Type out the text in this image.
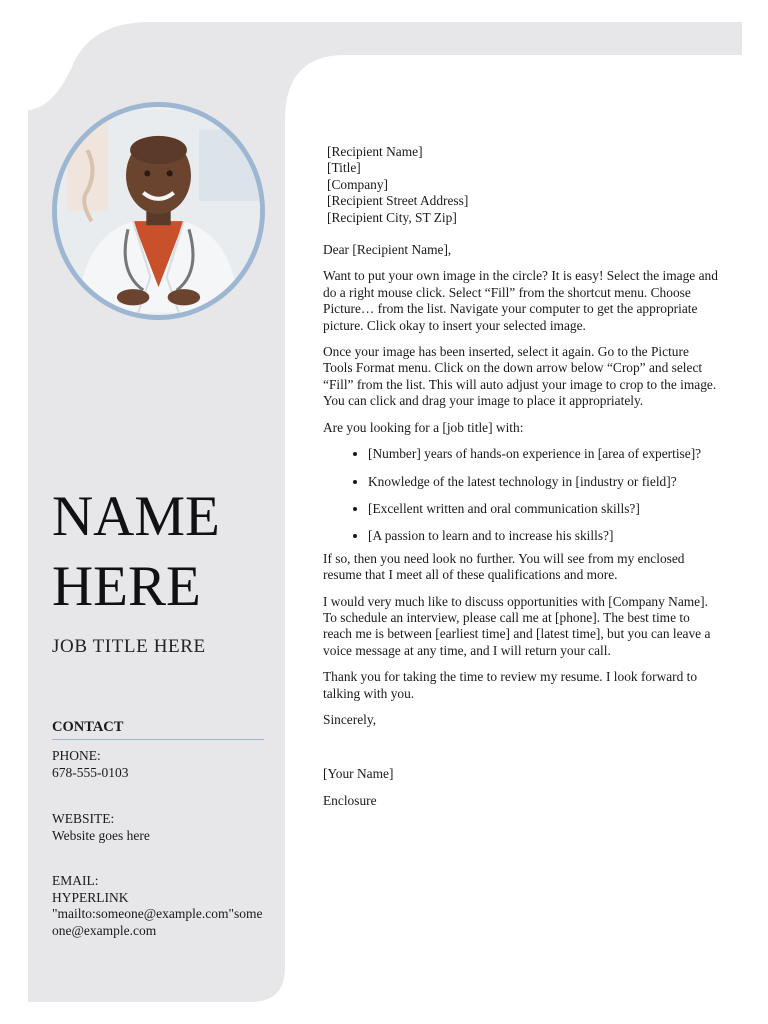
NAME
HERE
JOB TITLE HERE
CONTACT
PHONE:
678-555-0103
WEBSITE:
Website goes here
EMAIL:
HYPERLINK
"mailto:someone@example.com"someone@example.com
[Recipient Name]
[Title]
[Company]
[Recipient Street Address]
[Recipient City, ST Zip]

Dear [Recipient Name],

Want to put your own image in the circle? It is easy! Select the image and do a right mouse click. Select “Fill” from the shortcut menu. Choose Picture… from the list. Navigate your computer to get the appropriate picture. Click okay to insert your selected image.

Once your image has been inserted, select it again. Go to the Picture Tools Format menu. Click on the down arrow below “Crop” and select “Fill” from the list. This will auto adjust your image to crop to the image. You can click and drag your image to place it appropriately.

Are you looking for a [job title] with:

• [Number] years of hands-on experience in [area of expertise]?
• Knowledge of the latest technology in [industry or field]?
• [Excellent written and oral communication skills?]
• [A passion to learn and to increase his skills?]

If so, then you need look no further. You will see from my enclosed resume that I meet all of these qualifications and more.

I would very much like to discuss opportunities with [Company Name]. To schedule an interview, please call me at [phone]. The best time to reach me is between [earliest time] and [latest time], but you can leave a voice message at any time, and I will return your call.

Thank you for taking the time to review my resume. I look forward to talking with you.

Sincerely,

[Your Name]

Enclosure
